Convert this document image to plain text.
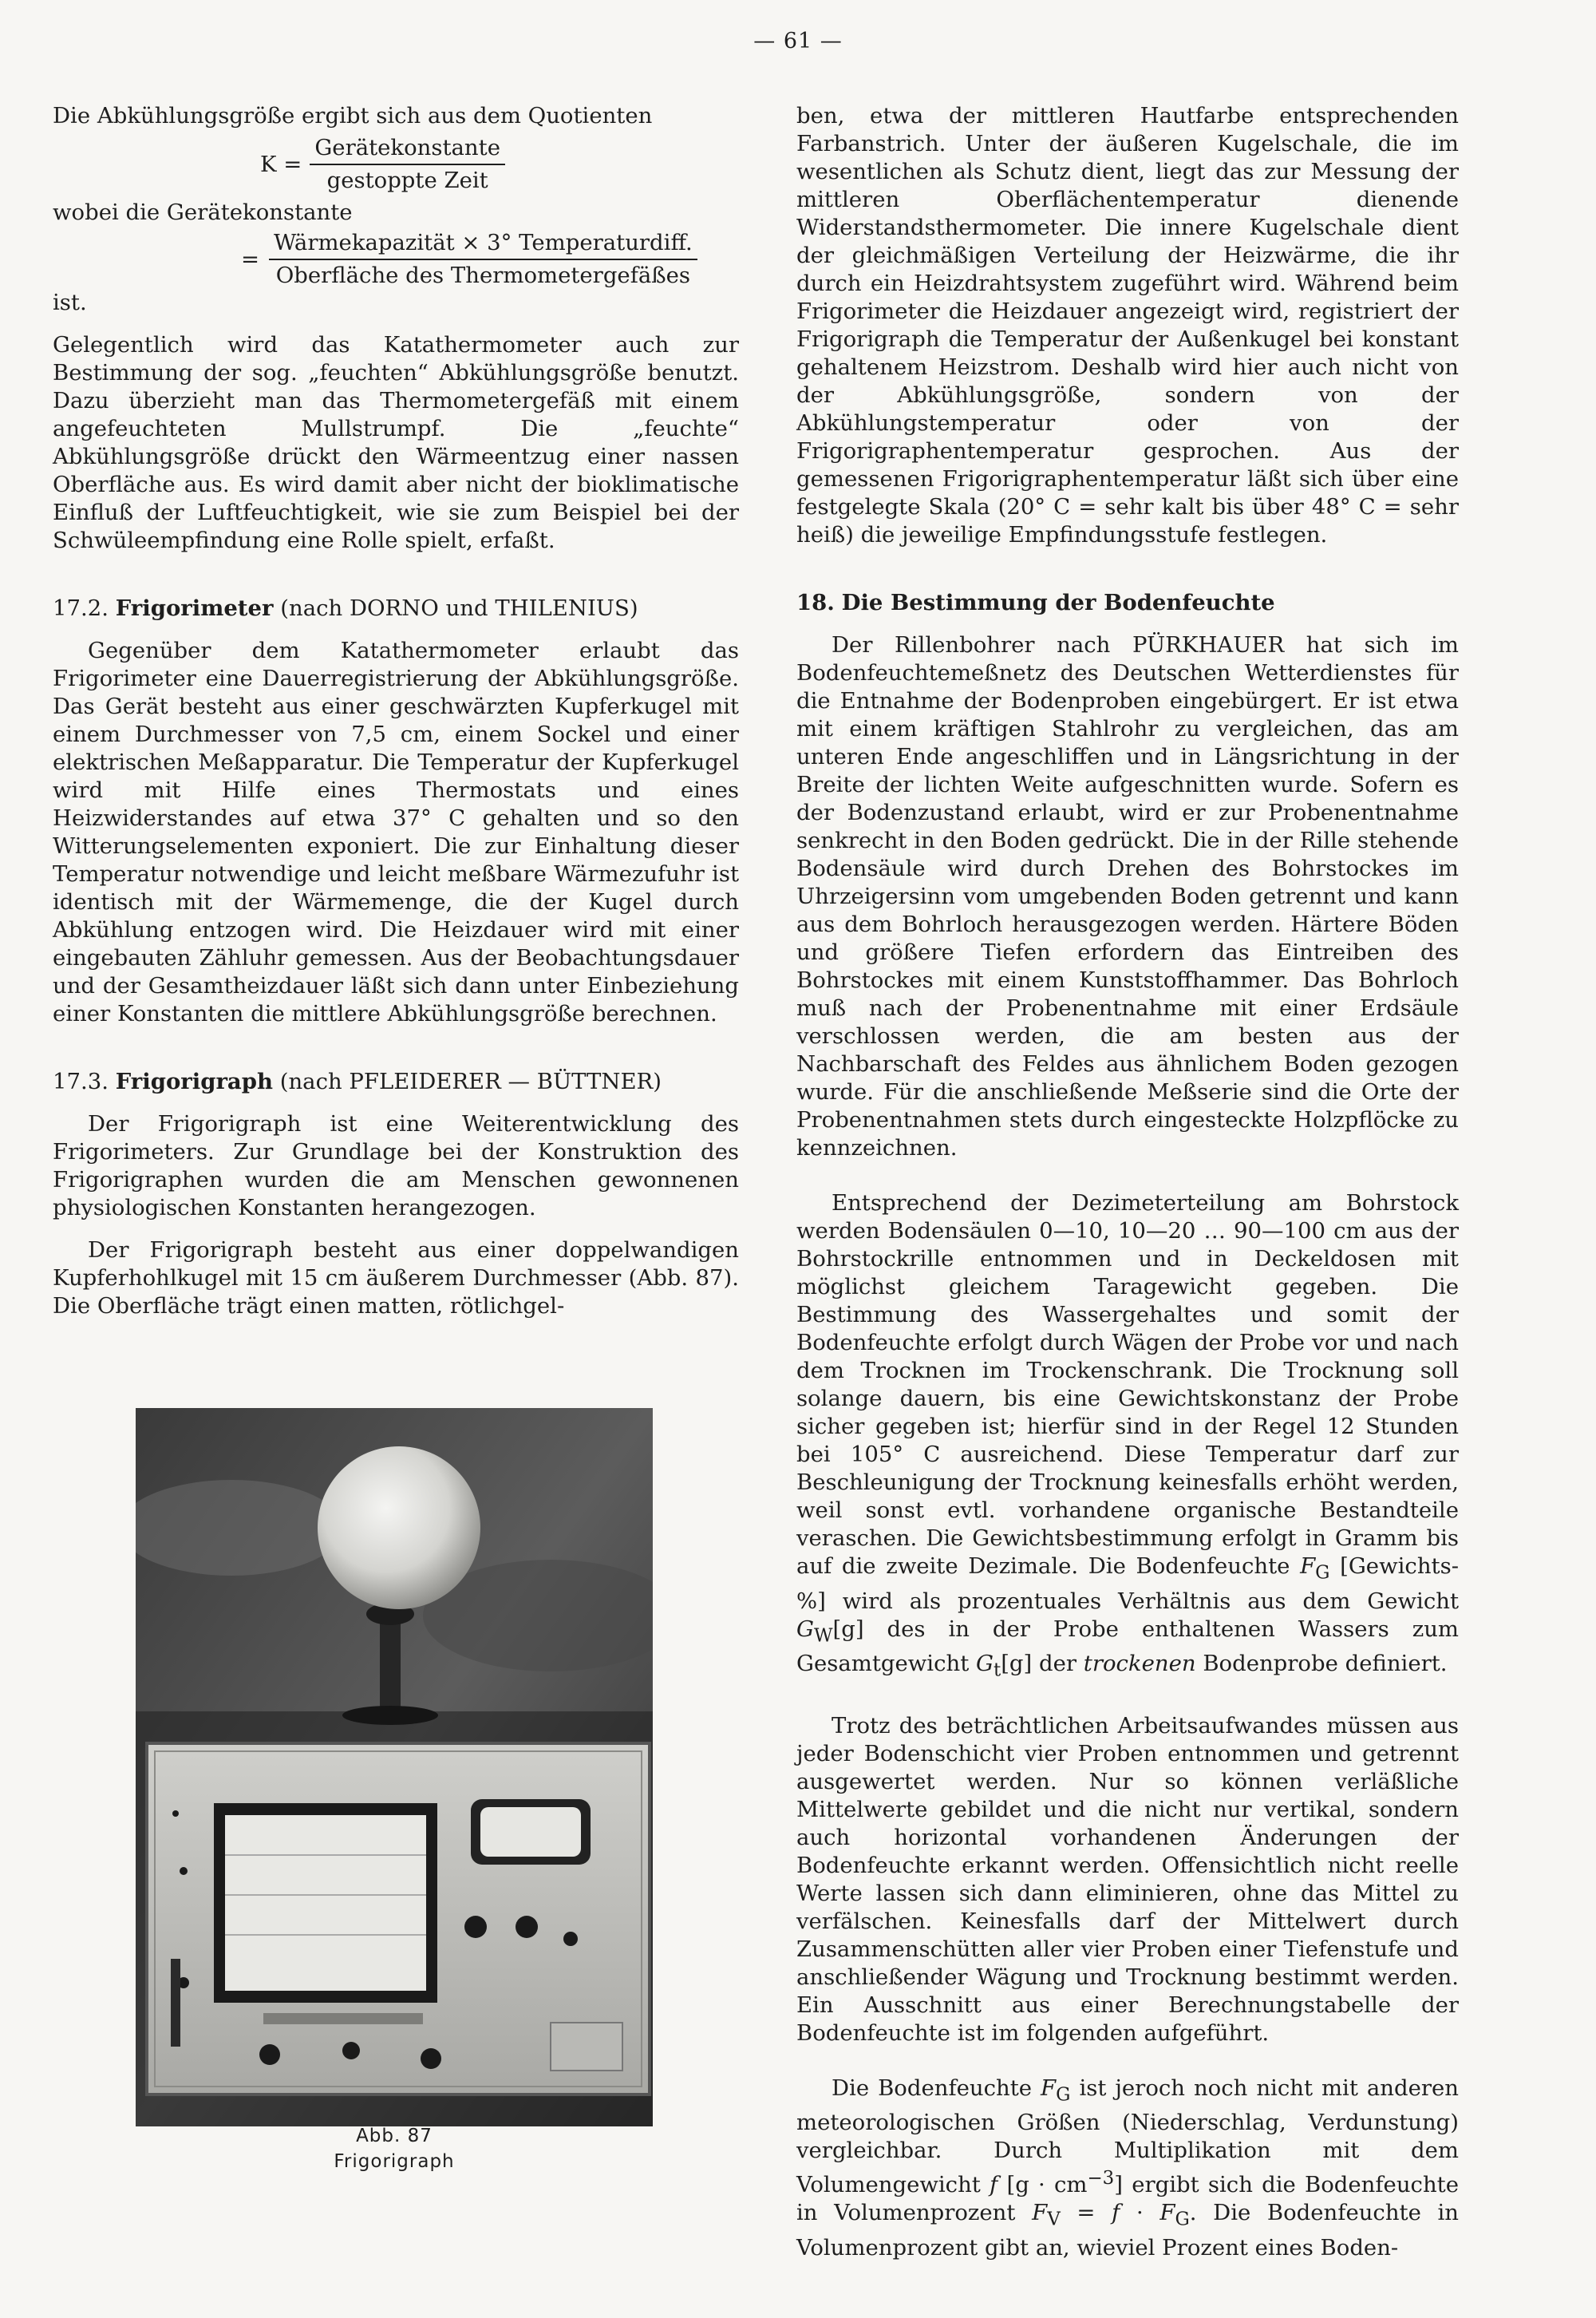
— 61 —

Die Abkühlungsgröße ergibt sich aus dem Quotienten

$K = \frac{\text{Gerätekonstante}}{\text{gestoppte Zeit}}$

wobei die Gerätekonstante

= $\frac{\text{Wärmekapazität × 3° Temperaturdiff.}}{\text{Oberfläche des Thermometergefäßes}}$

ist.

Gelegentlich wird das Katathermometer auch zur Bestimmung der sog. „feuchten“ Abkühlungsgröße benutzt. Dazu überzieht man das Thermometergefäß mit einem angefeuchteten Mullstrumpf. Die „feuchte“ Abkühlungsgröße drückt den Wärmeentzug einer nassen Oberfläche aus. Es wird damit aber nicht der bioklimatische Einfluß der Luftfeuchtigkeit, wie sie zum Beispiel bei der Schwüleempfindung eine Rolle spielt, erfaßt.

17.2. Frigorimeter (nach DORNO und THILENIUS)

Gegenüber dem Katathermometer erlaubt das Frigorimeter eine Dauerregistrierung der Abkühlungsgröße. Das Gerät besteht aus einer geschwärzten Kupferkugel mit einem Durchmesser von 7,5 cm, einem Sockel und einer elektrischen Meßapparatur. Die Temperatur der Kupferkugel wird mit Hilfe eines Thermostats und eines Heizwiderstandes auf etwa 37° C gehalten und so den Witterungselementen exponiert. Die zur Einhaltung dieser Temperatur notwendige und leicht meßbare Wärmezufuhr ist identisch mit der Wärmemenge, die der Kugel durch Abkühlung entzogen wird. Die Heizdauer wird mit einer eingebauten Zähluhr gemessen. Aus der Beobachtungsdauer und der Gesamtheizdauer läßt sich dann unter Einbeziehung einer Konstanten die mittlere Abkühlungsgröße berechnen.

17.3. Frigorigraph (nach PFLEIDERER — BÜTTNER)

Der Frigorigraph ist eine Weiterentwicklung des Frigorimeters. Zur Grundlage bei der Konstruktion des Frigorigraphen wurden die am Menschen gewonnenen physiologischen Konstanten herangezogen.

Der Frigorigraph besteht aus einer doppelwandigen Kupferhohlkugel mit 15 cm äußerem Durchmesser (Abb. 87). Die Oberfläche trägt einen matten, rötlichgel-

Abb. 87
Frigorigraph

ben, etwa der mittleren Hautfarbe entsprechenden Farbanstrich. Unter der äußeren Kugelschale, die im wesentlichen als Schutz dient, liegt das zur Messung der mittleren Oberflächentemperatur dienende Widerstandsthermometer. Die innere Kugelschale dient der gleichmäßigen Verteilung der Heizwärme, die ihr durch ein Heizdrahtsystem zugeführt wird. Während beim Frigorimeter die Heizdauer angezeigt wird, registriert der Frigorigraph die Temperatur der Außenkugel bei konstant gehaltenem Heizstrom. Deshalb wird hier auch nicht von der Abkühlungsgröße, sondern von der Abkühlungstemperatur oder von der Frigorigraphentemperatur gesprochen. Aus der gemessenen Frigorigraphentemperatur läßt sich über eine festgelegte Skala (20° C = sehr kalt bis über 48° C = sehr heiß) die jeweilige Empfindungsstufe festlegen.

18. Die Bestimmung der Bodenfeuchte

Der Rillenbohrer nach PÜRKHAUER hat sich im Bodenfeuchtemeßnetz des Deutschen Wetterdienstes für die Entnahme der Bodenproben eingebürgert. Er ist etwa mit einem kräftigen Stahlrohr zu vergleichen, das am unteren Ende angeschliffen und in Längsrichtung in der Breite der lichten Weite aufgeschnitten wurde. Sofern es der Bodenzustand erlaubt, wird er zur Probenentnahme senkrecht in den Boden gedrückt. Die in der Rille stehende Bodensäule wird durch Drehen des Bohrstockes im Uhrzeigersinn vom umgebenden Boden getrennt und kann aus dem Bohrloch herausgezogen werden. Härtere Böden und größere Tiefen erfordern das Eintreiben des Bohrstockes mit einem Kunststoffhammer. Das Bohrloch muß nach der Probenentnahme mit einer Erdsäule verschlossen werden, die am besten aus der Nachbarschaft des Feldes aus ähnlichem Boden gezogen wurde. Für die anschließende Meßserie sind die Orte der Probenentnahmen stets durch eingesteckte Holzpflöcke zu kennzeichnen.

Entsprechend der Dezimeterteilung am Bohrstock werden Bodensäulen 0—10, 10—20 … 90—100 cm aus der Bohrstockrille entnommen und in Deckeldosen mit möglichst gleichem Taragewicht gegeben. Die Bestimmung des Wassergehaltes und somit der Bodenfeuchte erfolgt durch Wägen der Probe vor und nach dem Trocknen im Trockenschrank. Die Trocknung soll solange dauern, bis eine Gewichtskonstanz der Probe sicher gegeben ist; hierfür sind in der Regel 12 Stunden bei 105° C ausreichend. Diese Temperatur darf zur Beschleunigung der Trocknung keinesfalls erhöht werden, weil sonst evtl. vorhandene organische Bestandteile veraschen. Die Gewichtsbestimmung erfolgt in Gramm bis auf die zweite Dezimale. Die Bodenfeuchte $F_G$ [Gewichts-%] wird als prozentuales Verhältnis aus dem Gewicht $G_W[g]$ des in der Probe enthaltenen Wassers zum Gesamtgewicht $G_t[g]$ der trockenen Bodenprobe definiert.

Trotz des beträchtlichen Arbeitsaufwandes müssen aus jeder Bodenschicht vier Proben entnommen und getrennt ausgewertet werden. Nur so können verläßliche Mittelwerte gebildet und die nicht nur vertikal, sondern auch horizontal vorhandenen Änderungen der Bodenfeuchte erkannt werden. Offensichtlich nicht reelle Werte lassen sich dann eliminieren, ohne das Mittel zu verfälschen. Keinesfalls darf der Mittelwert durch Zusammenschütten aller vier Proben einer Tiefenstufe und anschließender Wägung und Trocknung bestimmt werden. Ein Ausschnitt aus einer Berechnungstabelle der Bodenfeuchte ist im folgenden aufgeführt.

Die Bodenfeuchte $F_G$ ist jeroch noch nicht mit anderen meteorologischen Größen (Niederschlag, Verdunstung) vergleichbar. Durch Multiplikation mit dem Volumengewicht f $[g \cdot cm^{-3}]$ ergibt sich die Bodenfeuchte in Volumenprozent $F_V = f \cdot F_G$. Die Bodenfeuchte in Volumenprozent gibt an, wieviel Prozent eines Boden-
